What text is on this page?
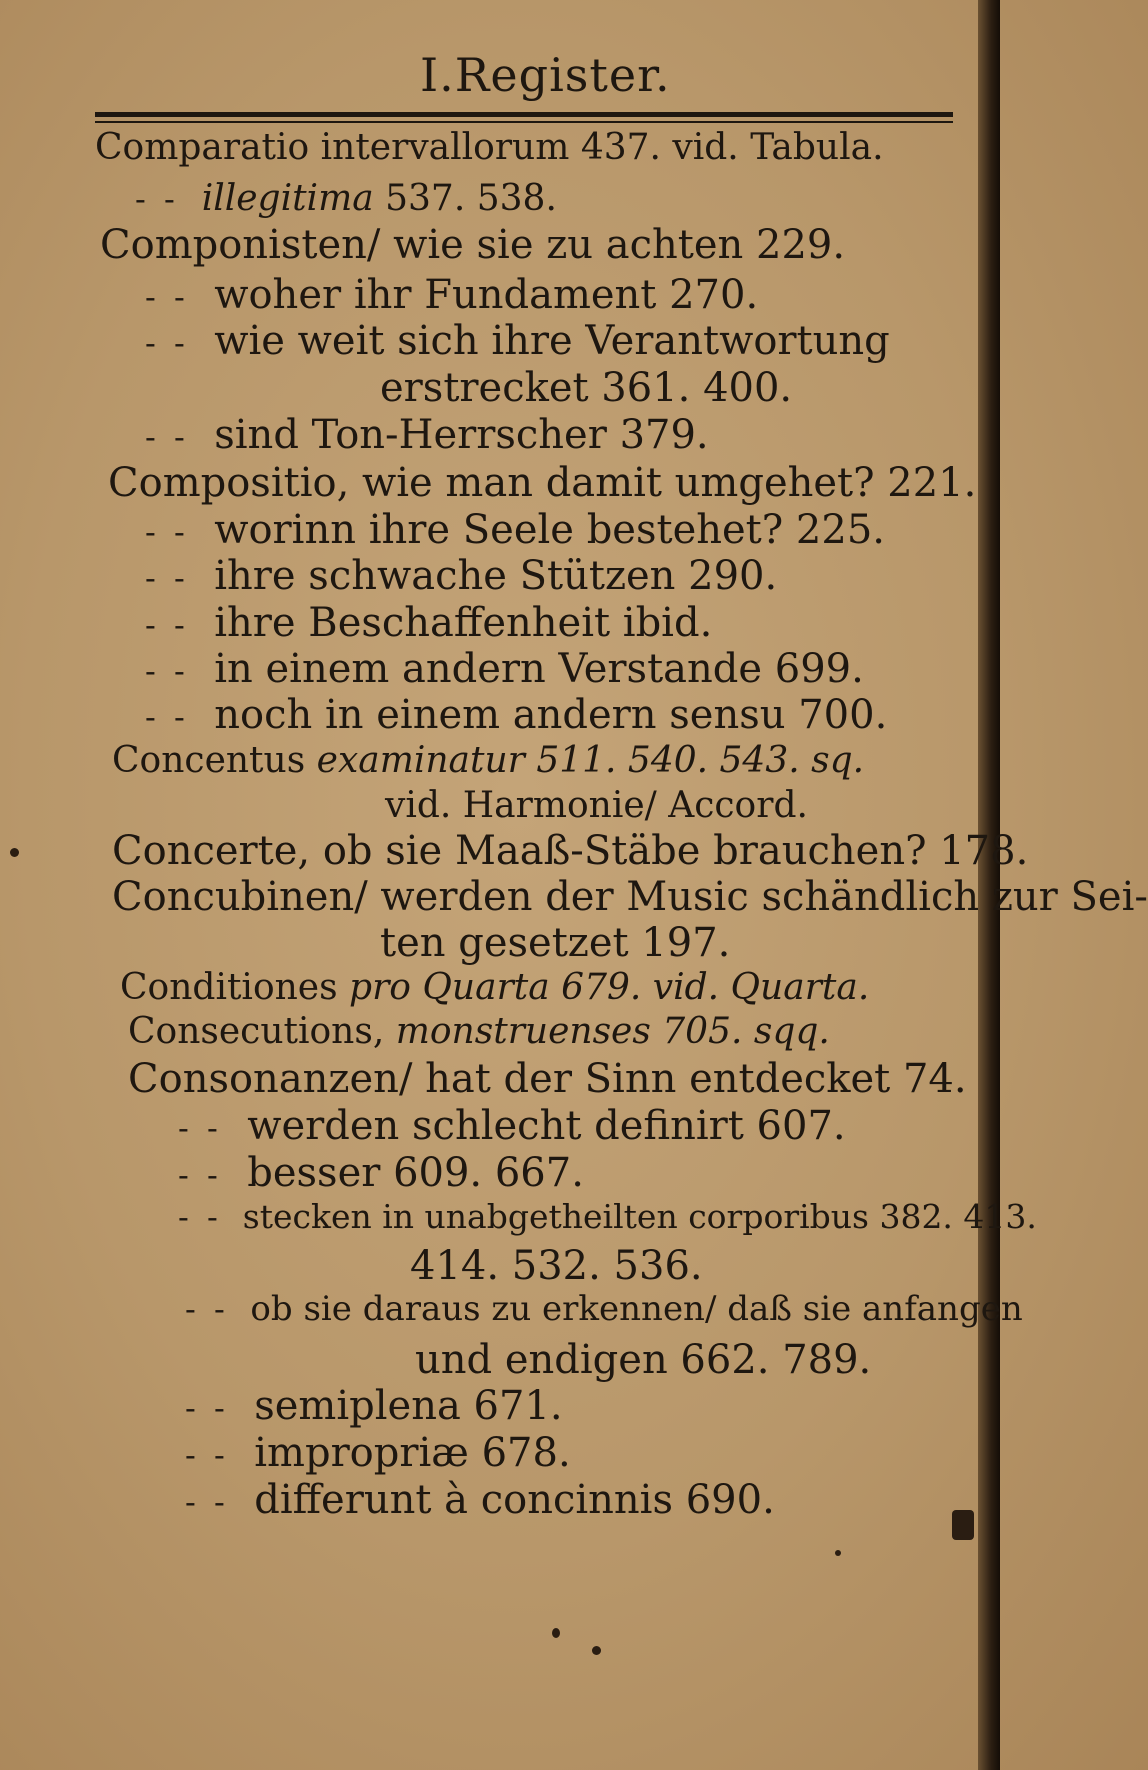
I.Register.
Comparatio intervallorum 437. vid. Tabula.
- - illegitima 537. 538.
Componisten/ wie sie zu achten 229.
- - woher ihr Fundament 270.
- - wie weit sich ihre Verantwortung
erstrecket 361. 400.
- - sind Ton-Herrscher 379.
Compositio, wie man damit umgehet? 221.
- - worinn ihre Seele bestehet? 225.
- - ihre schwache Stützen 290.
- - ihre Beschaffenheit ibid.
- - in einem andern Verstande 699.
- - noch in einem andern sensu 700.
Concentus examinatur 511. 540. 543. sq.
vid. Harmonie/ Accord.
Concerte, ob sie Maaß-Stäbe brauchen? 178.
Concubinen/ werden der Music schändlich zur Sei-
ten gesetzet 197.
Conditiones pro Quarta 679. vid. Quarta.
Consecutions, monstruenses 705. sqq.
Consonanzen/ hat der Sinn entdecket 74.
- - werden schlecht definirt 607.
- - besser 609. 667.
- - stecken in unabgetheilten corporibus 382. 413.
414. 532. 536.
- - ob sie daraus zu erkennen/ daß sie anfangen
und endigen 662. 789.
- - semiplena 671.
- - impropriæ 678.
- - differunt à concinnis 690.
